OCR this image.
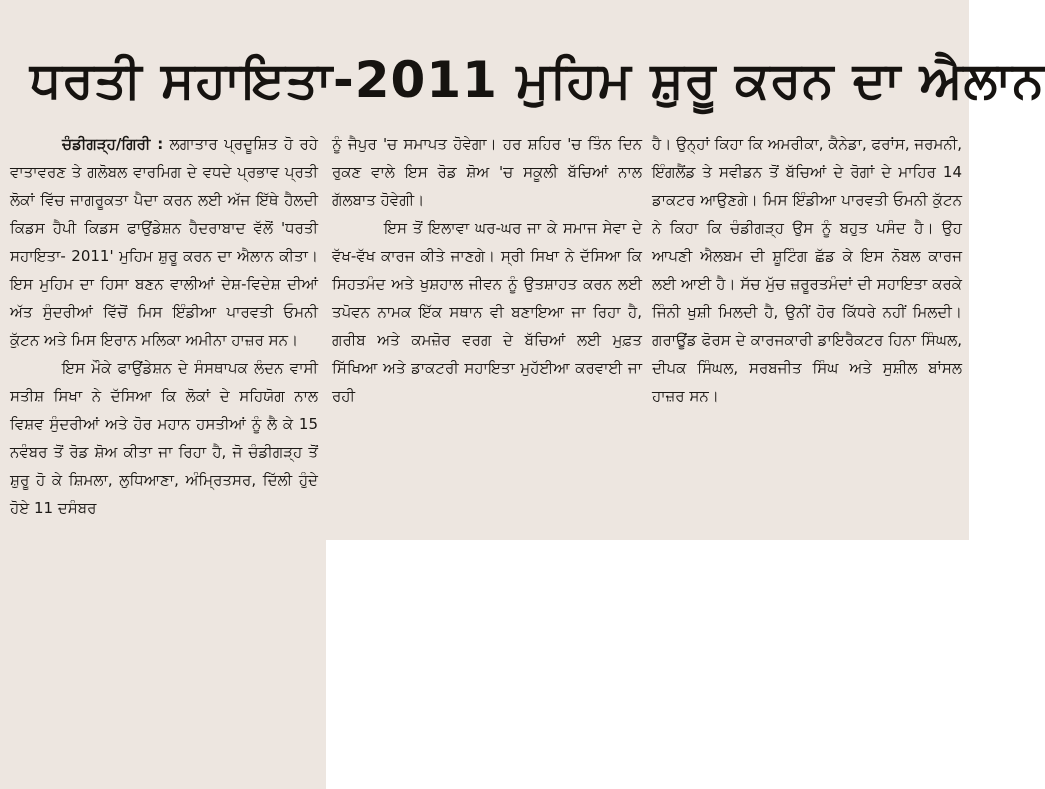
ਧਰਤੀ ਸਹਾਇਤਾ-2011 ਮੁਹਿਮ ਸ਼ੁਰੂ ਕਰਨ ਦਾ ਐਲਾਨ

ਚੰਡੀਗੜ੍ਹ/ਗਿਰੀ : ਲਗਾਤਾਰ ਪ੍ਰਦੂਸ਼ਿਤ ਹੋ ਰਹੇ ਵਾਤਾਵਰਣ ਤੇ ਗਲੋਬਲ ਵਾਰਮਿਗ ਦੇ ਵਧਦੇ ਪ੍ਰਭਾਵ ਪ੍ਰਤੀ ਲੋਕਾਂ ਵਿੱਚ ਜਾਗਰੂਕਤਾ ਪੈਦਾ ਕਰਨ ਲਈ ਅੱਜ ਇੱਥੇ ਹੈਲਦੀ ਕਿਡਸ ਹੈਪੀ ਕਿਡਸ ਫਾਉਂਡੇਸ਼ਨ ਹੈਦਰਾਬਾਦ ਵੱਲੋਂ 'ਧਰਤੀ ਸਹਾਇਤਾ- 2011' ਮੁਹਿਮ ਸ਼ੁਰੂ ਕਰਨ ਦਾ ਐਲਾਨ ਕੀਤਾ। ਇਸ ਮੁਹਿਮ ਦਾ ਹਿਸਾ ਬਣਨ ਵਾਲੀਆਂ ਦੇਸ਼-ਵਿਦੇਸ਼ ਦੀਆਂ ਅੱਤ ਸੁੰਦਰੀਆਂ ਵਿੱਚੋਂ ਮਿਸ ਇੰਡੀਆ ਪਾਰਵਤੀ ਓਮਨੀ ਕੁੱਟਨ ਅਤੇ ਮਿਸ ਇਰਾਨ ਮਲਿਕਾ ਅਮੀਨਾ ਹਾਜ਼ਰ ਸਨ।

ਇਸ ਮੌਕੇ ਫਾਉਂਡੇਸ਼ਨ ਦੇ ਸੰਸਥਾਪਕ ਲੰਦਨ ਵਾਸੀ ਸਤੀਸ਼ ਸਿਖਾ ਨੇ ਦੱਸਿਆ ਕਿ ਲੋਕਾਂ ਦੇ ਸਹਿਯੋਗ ਨਾਲ ਵਿਸ਼ਵ ਸੁੰਦਰੀਆਂ ਅਤੇ ਹੋਰ ਮਹਾਨ ਹਸਤੀਆਂ ਨੂੰ ਲੈ ਕੇ 15 ਨਵੰਬਰ ਤੋਂ ਰੋਡ ਸ਼ੋਅ ਕੀਤਾ ਜਾ ਰਿਹਾ ਹੈ, ਜੋ ਚੰਡੀਗੜ੍ਹ ਤੋਂ ਸ਼ੁਰੂ ਹੋ ਕੇ ਸ਼ਿਮਲਾ, ਲੁਧਿਆਣਾ, ਅੰਮ੍ਰਿਤਸਰ, ਦਿੱਲੀ ਹੁੰਦੇ ਹੋਏ 11 ਦਸੰਬਰ

ਨੂੰ ਜੈਪੁਰ 'ਚ ਸਮਾਪਤ ਹੋਵੇਗਾ। ਹਰ ਸ਼ਹਿਰ 'ਚ ਤਿੰਨ ਦਿਨ ਰੁਕਣ ਵਾਲੇ ਇਸ ਰੋਡ ਸ਼ੋਅ 'ਚ ਸਕੂਲੀ ਬੱਚਿਆਂ ਨਾਲ ਗੱਲਬਾਤ ਹੋਵੇਗੀ।

ਇਸ ਤੋਂ ਇਲਾਵਾ ਘਰ-ਘਰ ਜਾ ਕੇ ਸਮਾਜ ਸੇਵਾ ਦੇ ਵੱਖ-ਵੱਖ ਕਾਰਜ ਕੀਤੇ ਜਾਣਗੇ। ਸ੍ਰੀ ਸਿਖਾ ਨੇ ਦੱਸਿਆ ਕਿ ਸਿਹਤਮੰਦ ਅਤੇ ਖੁਸ਼ਹਾਲ ਜੀਵਨ ਨੂੰ ਉਤਸ਼ਾਹਤ ਕਰਨ ਲਈ ਤਪੋਵਨ ਨਾਮਕ ਇੱਕ ਸਥਾਨ ਵੀ ਬਣਾਇਆ ਜਾ ਰਿਹਾ ਹੈ, ਗਰੀਬ ਅਤੇ ਕਮਜ਼ੋਰ ਵਰਗ ਦੇ ਬੱਚਿਆਂ ਲਈ ਮੁਫ਼ਤ ਸਿੱਖਿਆ ਅਤੇ ਡਾਕਟਰੀ ਸਹਾਇਤਾ ਮੁਹੱਈਆ ਕਰਵਾਈ ਜਾ ਰਹੀ

ਹੈ। ਉਨ੍ਹਾਂ ਕਿਹਾ ਕਿ ਅਮਰੀਕਾ, ਕੈਨੇਡਾ, ਫਰਾਂਸ, ਜਰਮਨੀ, ਇੰਗਲੈਂਡ ਤੇ ਸਵੀਡਨ ਤੋਂ ਬੱਚਿਆਂ ਦੇ ਰੋਗਾਂ ਦੇ ਮਾਹਿਰ 14 ਡਾਕਟਰ ਆਉਣਗੇ। ਮਿਸ ਇੰਡੀਆ ਪਾਰਵਤੀ ਓਮਨੀ ਕੁੱਟਨ ਨੇ ਕਿਹਾ ਕਿ ਚੰਡੀਗੜ੍ਹ ਉਸ ਨੂੰ ਬਹੁਤ ਪਸੰਦ ਹੈ। ਉਹ ਆਪਣੀ ਐਲਬਮ ਦੀ ਸ਼ੂਟਿੰਗ ਛੱਡ ਕੇ ਇਸ ਨੋਬਲ ਕਾਰਜ ਲਈ ਆਈ ਹੈ। ਸੱਚ ਮੁੱਚ ਜ਼ਰੂਰਤਮੰਦਾਂ ਦੀ ਸਹਾਇਤਾ ਕਰਕੇ ਜਿੰਨੀ ਖੁਸ਼ੀ ਮਿਲਦੀ ਹੈ, ਉਨੀਂ ਹੋਰ ਕਿੱਧਰੇ ਨਹੀਂ ਮਿਲਦੀ। ਗਰਾਊਂਡ ਫੋਰਸ ਦੇ ਕਾਰਜਕਾਰੀ ਡਾਇਰੈਕਟਰ ਹਿਨਾ ਸਿੰਘਲ, ਦੀਪਕ ਸਿੰਘਲ, ਸਰਬਜੀਤ ਸਿੰਘ ਅਤੇ ਸੁਸ਼ੀਲ ਬਾਂਸਲ ਹਾਜ਼ਰ ਸਨ।
